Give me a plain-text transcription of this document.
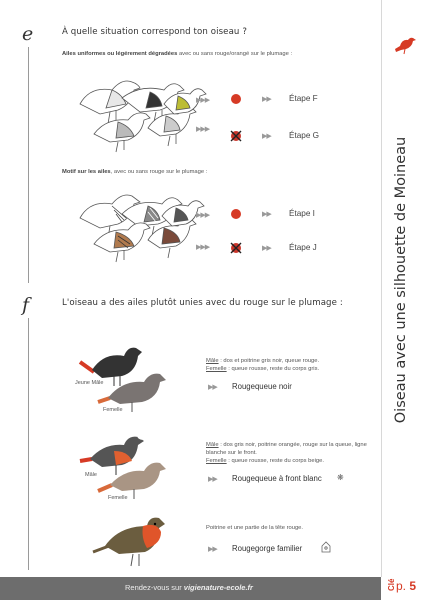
e	À quelle situation correspond ton oiseau ?
Ailes uniformes ou légérement dégradées avec ou sans rouge/orangé sur le plumage :
▶▶▶
▶▶▶
▶▶ Étape F
▶▶ Étape G
Motif sur les ailes, avec ou sans rouge sur le plumage :
▶▶▶
▶▶▶
▶▶ Étape I
▶▶ Étape J
f	L'oiseau a des ailes plutôt unies avec du rouge sur le plumage :
Jeune Mâle
Femelle
Mâle : dos et poitrine gris noir, queue rouge.
Femelle : queue rousse, reste du corps gris.
▶▶ Rougequeue noir
Mâle
Femelle
Mâle : dos gris noir, poitrine orangée, rouge sur la queue, ligne blanche sur le front.
Femelle : queue rousse, reste du corps beige.
▶▶ Rougequeue à front blanc ❋
Poitrine et une partie de la tête rouge.
▶▶ Rougegorge familier
Oiseau avec une silhouette de Moineau
Rendez-vous sur vigienature-ecole.fr	Clé p. 5
